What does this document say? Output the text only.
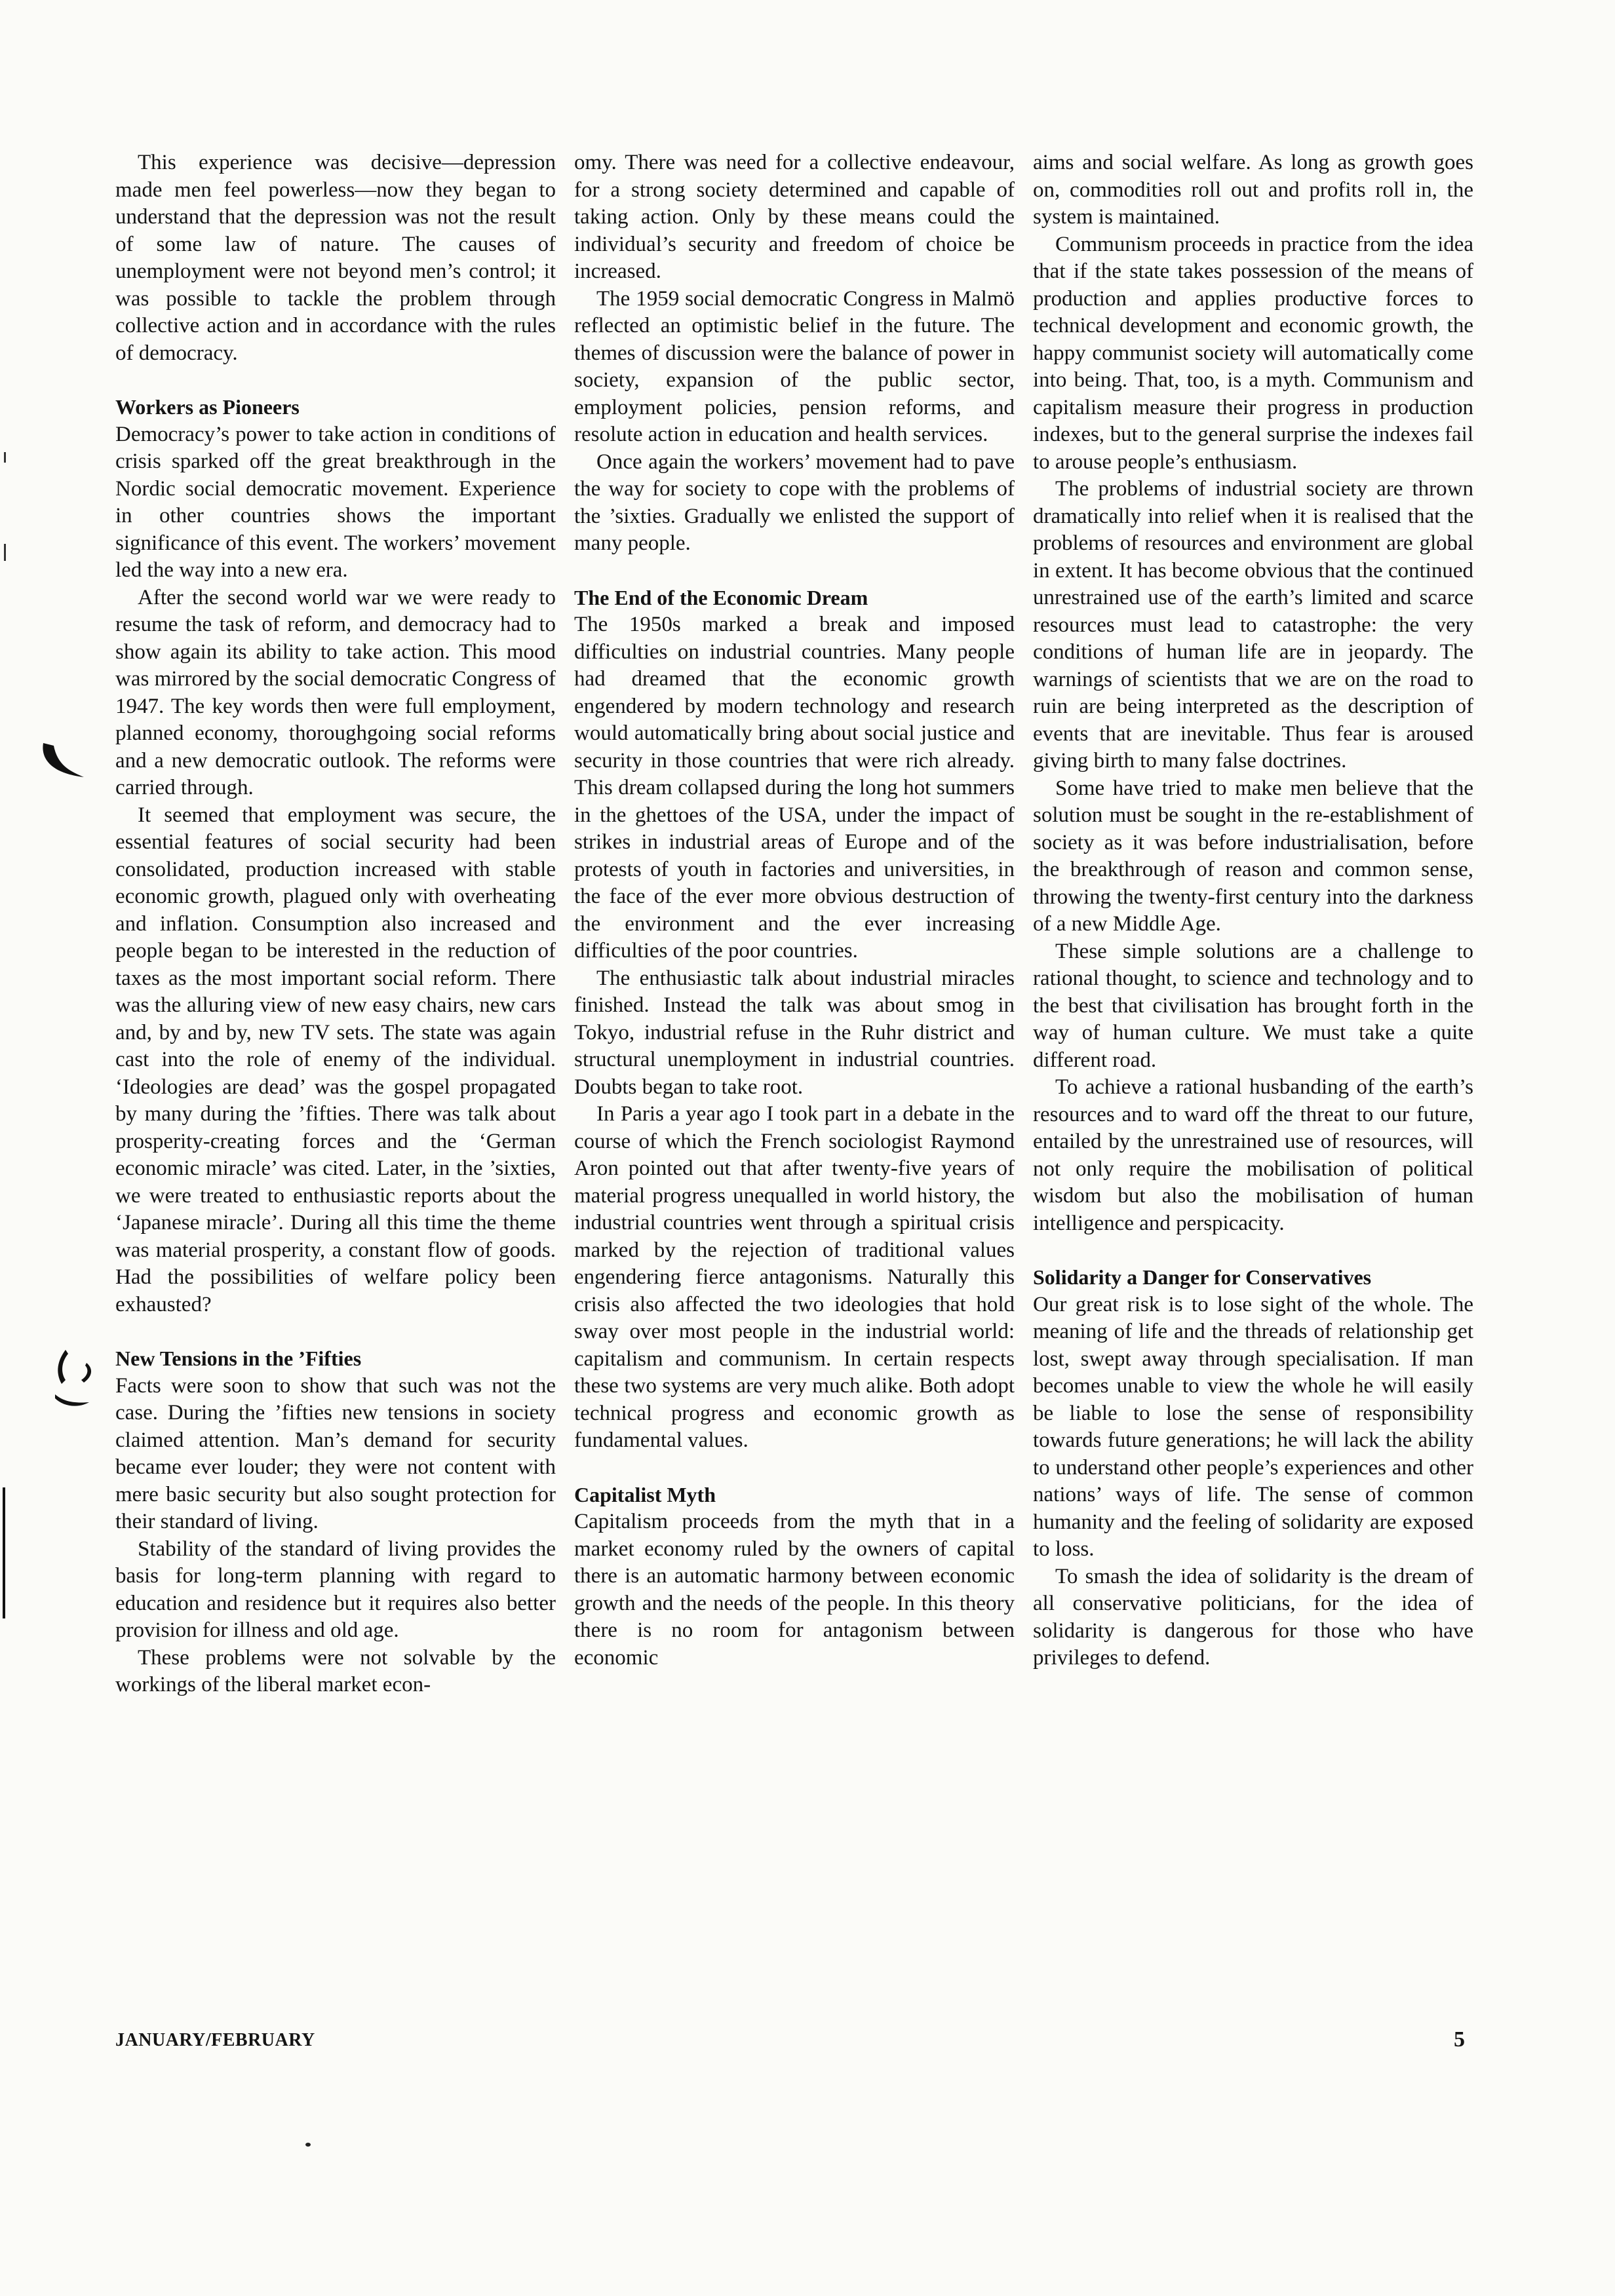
This experience was decisive—depression made men feel powerless—now they began to understand that the depression was not the result of some law of nature. The causes of unemployment were not beyond men’s control; it was possible to tackle the problem through collective action and in accordance with the rules of democracy.

Workers as Pioneers

Democracy’s power to take action in conditions of crisis sparked off the great breakthrough in the Nordic social democratic movement. Experience in other countries shows the important significance of this event. The workers’ movement led the way into a new era.

After the second world war we were ready to resume the task of reform, and democracy had to show again its ability to take action. This mood was mirrored by the social democratic Congress of 1947. The key words then were full employment, planned economy, thoroughgoing social reforms and a new democratic outlook. The reforms were carried through.

It seemed that employment was secure, the essential features of social security had been consolidated, production increased with stable economic growth, plagued only with overheating and inflation. Consumption also increased and people began to be interested in the reduction of taxes as the most important social reform. There was the alluring view of new easy chairs, new cars and, by and by, new TV sets. The state was again cast into the role of enemy of the individual. ‘Ideologies are dead’ was the gospel propagated by many during the ’fifties. There was talk about prosperity-creating forces and the ‘German economic miracle’ was cited. Later, in the ’sixties, we were treated to enthusiastic reports about the ‘Japanese miracle’. During all this time the theme was material prosperity, a constant flow of goods. Had the possibilities of welfare policy been exhausted?

New Tensions in the ’Fifties

Facts were soon to show that such was not the case. During the ’fifties new tensions in society claimed attention. Man’s demand for security became ever louder; they were not content with mere basic security but also sought protection for their standard of living.

Stability of the standard of living provides the basis for long-term planning with regard to education and residence but it requires also better provision for illness and old age.

These problems were not solvable by the workings of the liberal market econ-

omy. There was need for a collective endeavour, for a strong society determined and capable of taking action. Only by these means could the individual’s security and freedom of choice be increased.

The 1959 social democratic Congress in Malmö reflected an optimistic belief in the future. The themes of discussion were the balance of power in society, expansion of the public sector, employment policies, pension reforms, and resolute action in education and health services.

Once again the workers’ movement had to pave the way for society to cope with the problems of the ’sixties. Gradually we enlisted the support of many people.

The End of the Economic Dream

The 1950s marked a break and imposed difficulties on industrial countries. Many people had dreamed that the economic growth engendered by modern technology and research would automatically bring about social justice and security in those countries that were rich already. This dream collapsed during the long hot summers in the ghettoes of the USA, under the impact of strikes in industrial areas of Europe and of the protests of youth in factories and universities, in the face of the ever more obvious destruction of the environment and the ever increasing difficulties of the poor countries.

The enthusiastic talk about industrial miracles finished. Instead the talk was about smog in Tokyo, industrial refuse in the Ruhr district and structural unemployment in industrial countries. Doubts began to take root.

In Paris a year ago I took part in a debate in the course of which the French sociologist Raymond Aron pointed out that after twenty-five years of material progress unequalled in world history, the industrial countries went through a spiritual crisis marked by the rejection of traditional values engendering fierce antagonisms. Naturally this crisis also affected the two ideologies that hold sway over most people in the industrial world: capitalism and communism. In certain respects these two systems are very much alike. Both adopt technical progress and economic growth as fundamental values.

Capitalist Myth

Capitalism proceeds from the myth that in a market economy ruled by the owners of capital there is an automatic harmony between economic growth and the needs of the people. In this theory there is no room for antagonism between economic

aims and social welfare. As long as growth goes on, commodities roll out and profits roll in, the system is maintained.

Communism proceeds in practice from the idea that if the state takes possession of the means of production and applies productive forces to technical development and economic growth, the happy communist society will automatically come into being. That, too, is a myth. Communism and capitalism measure their progress in production indexes, but to the general surprise the indexes fail to arouse people’s enthusiasm.

The problems of industrial society are thrown dramatically into relief when it is realised that the problems of resources and environment are global in extent. It has become obvious that the continued unrestrained use of the earth’s limited and scarce resources must lead to catastrophe: the very conditions of human life are in jeopardy. The warnings of scientists that we are on the road to ruin are being interpreted as the description of events that are inevitable. Thus fear is aroused giving birth to many false doctrines.

Some have tried to make men believe that the solution must be sought in the re-establishment of society as it was before industrialisation, before the breakthrough of reason and common sense, throwing the twenty-first century into the darkness of a new Middle Age.

These simple solutions are a challenge to rational thought, to science and technology and to the best that civilisation has brought forth in the way of human culture. We must take a quite different road.

To achieve a rational husbanding of the earth’s resources and to ward off the threat to our future, entailed by the unrestrained use of resources, will not only require the mobilisation of political wisdom but also the mobilisation of human intelligence and perspicacity.

Solidarity a Danger for Conservatives

Our great risk is to lose sight of the whole. The meaning of life and the threads of relationship get lost, swept away through specialisation. If man becomes unable to view the whole he will easily be liable to lose the sense of responsibility towards future generations; he will lack the ability to understand other people’s experiences and other nations’ ways of life. The sense of common humanity and the feeling of solidarity are exposed to loss.

To smash the idea of solidarity is the dream of all conservative politicians, for the idea of solidarity is dangerous for those who have privileges to defend.

JANUARY/FEBRUARY	5
